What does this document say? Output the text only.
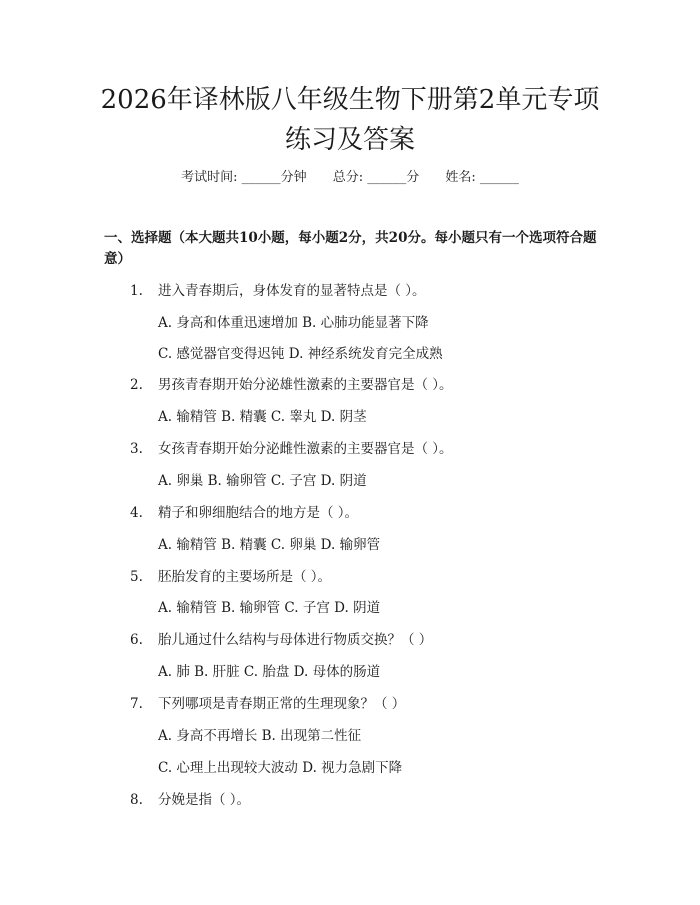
2026年译林版八年级生物下册第2单元专项
练习及答案
考试时间: ______分钟 总分: ______分 姓名: ______

一、选择题（本大题共10小题，每小题2分，共20分。每小题只有一个选项符合题意）

1. 进入青春期后，身体发育的显著特点是（ ）。
A. 身高和体重迅速增加 B. 心肺功能显著下降
C. 感觉器官变得迟钝 D. 神经系统发育完全成熟
2. 男孩青春期开始分泌雄性激素的主要器官是（ ）。
A. 输精管 B. 精囊 C. 睾丸 D. 阴茎
3. 女孩青春期开始分泌雌性激素的主要器官是（ ）。
A. 卵巢 B. 输卵管 C. 子宫 D. 阴道
4. 精子和卵细胞结合的地方是（ ）。
A. 输精管 B. 精囊 C. 卵巢 D. 输卵管
5. 胚胎发育的主要场所是（ ）。
A. 输精管 B. 输卵管 C. 子宫 D. 阴道
6. 胎儿通过什么结构与母体进行物质交换？（ ）
A. 肺 B. 肝脏 C. 胎盘 D. 母体的肠道
7. 下列哪项是青春期正常的生理现象？（ ）
A. 身高不再增长 B. 出现第二性征
C. 心理上出现较大波动 D. 视力急剧下降
8. 分娩是指（ ）。
